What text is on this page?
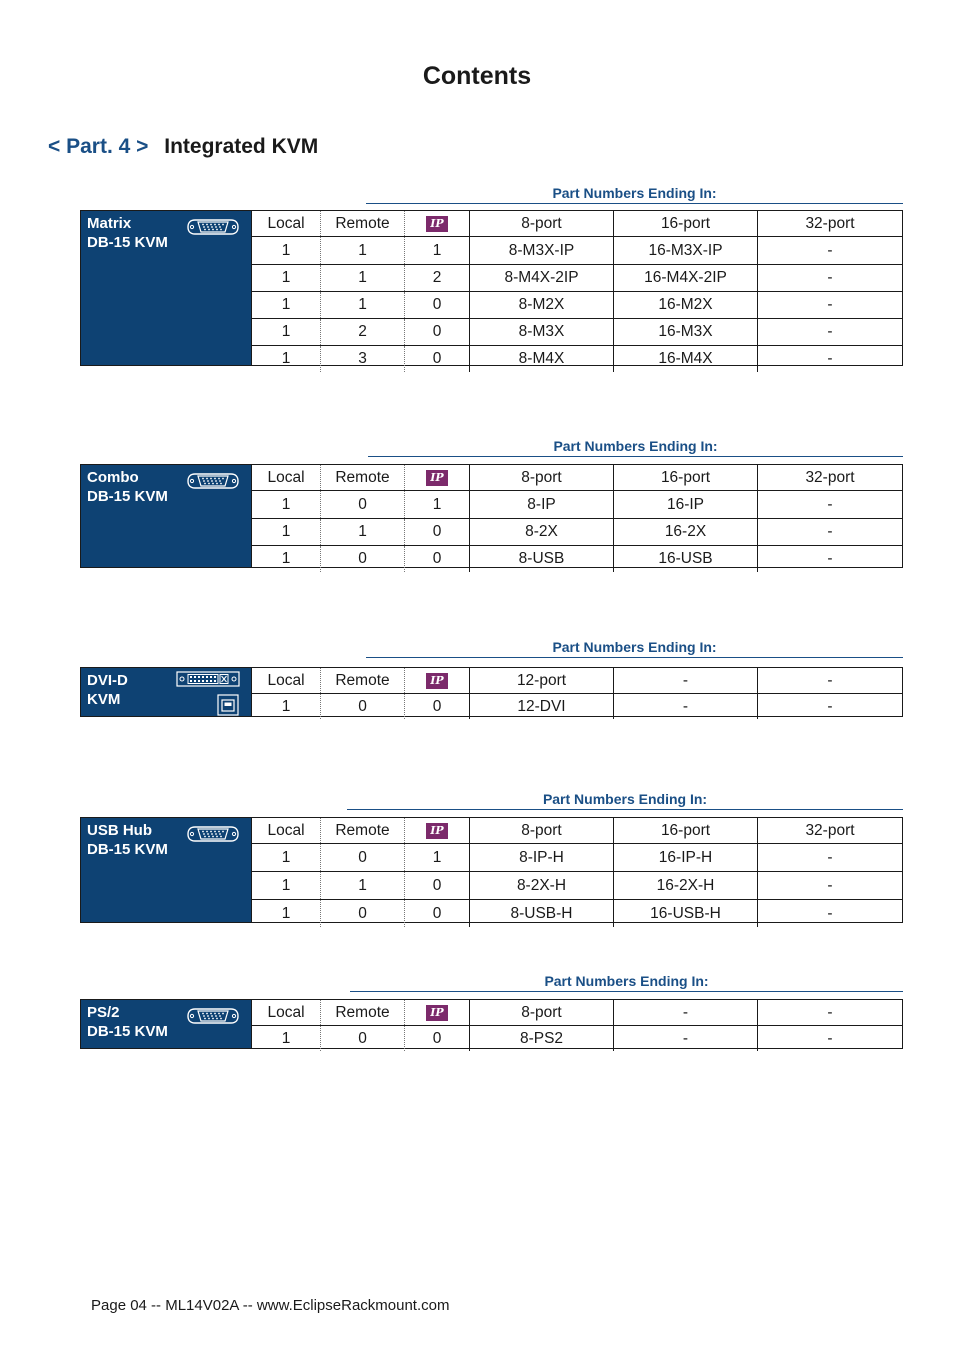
Contents
< Part. 4 > Integrated KVM
Part Numbers Ending In:
Matrix
DB-15 KVM
Local	Remote	IP	8-port	16-port	32-port
1	1	1	8-M3X-IP	16-M3X-IP	-
1	1	2	8-M4X-2IP	16-M4X-2IP	-
1	1	0	8-M2X	16-M2X	-
1	2	0	8-M3X	16-M3X	-
1	3	0	8-M4X	16-M4X	-
Part Numbers Ending In:
Combo
DB-15 KVM
Local	Remote	IP	8-port	16-port	32-port
1	0	1	8-IP	16-IP	-
1	1	0	8-2X	16-2X	-
1	0	0	8-USB	16-USB	-
Part Numbers Ending In:
DVI-D
KVM
Local	Remote	IP	12-port	-	-
1	0	0	12-DVI	-	-
Part Numbers Ending In:
USB Hub
DB-15 KVM
Local	Remote	IP	8-port	16-port	32-port
1	0	1	8-IP-H	16-IP-H	-
1	1	0	8-2X-H	16-2X-H	-
1	0	0	8-USB-H	16-USB-H	-
Part Numbers Ending In:
PS/2
DB-15 KVM
Local	Remote	IP	8-port	-	-
1	0	0	8-PS2	-	-
Page 04 -- ML14V02A -- www.EclipseRackmount.com
